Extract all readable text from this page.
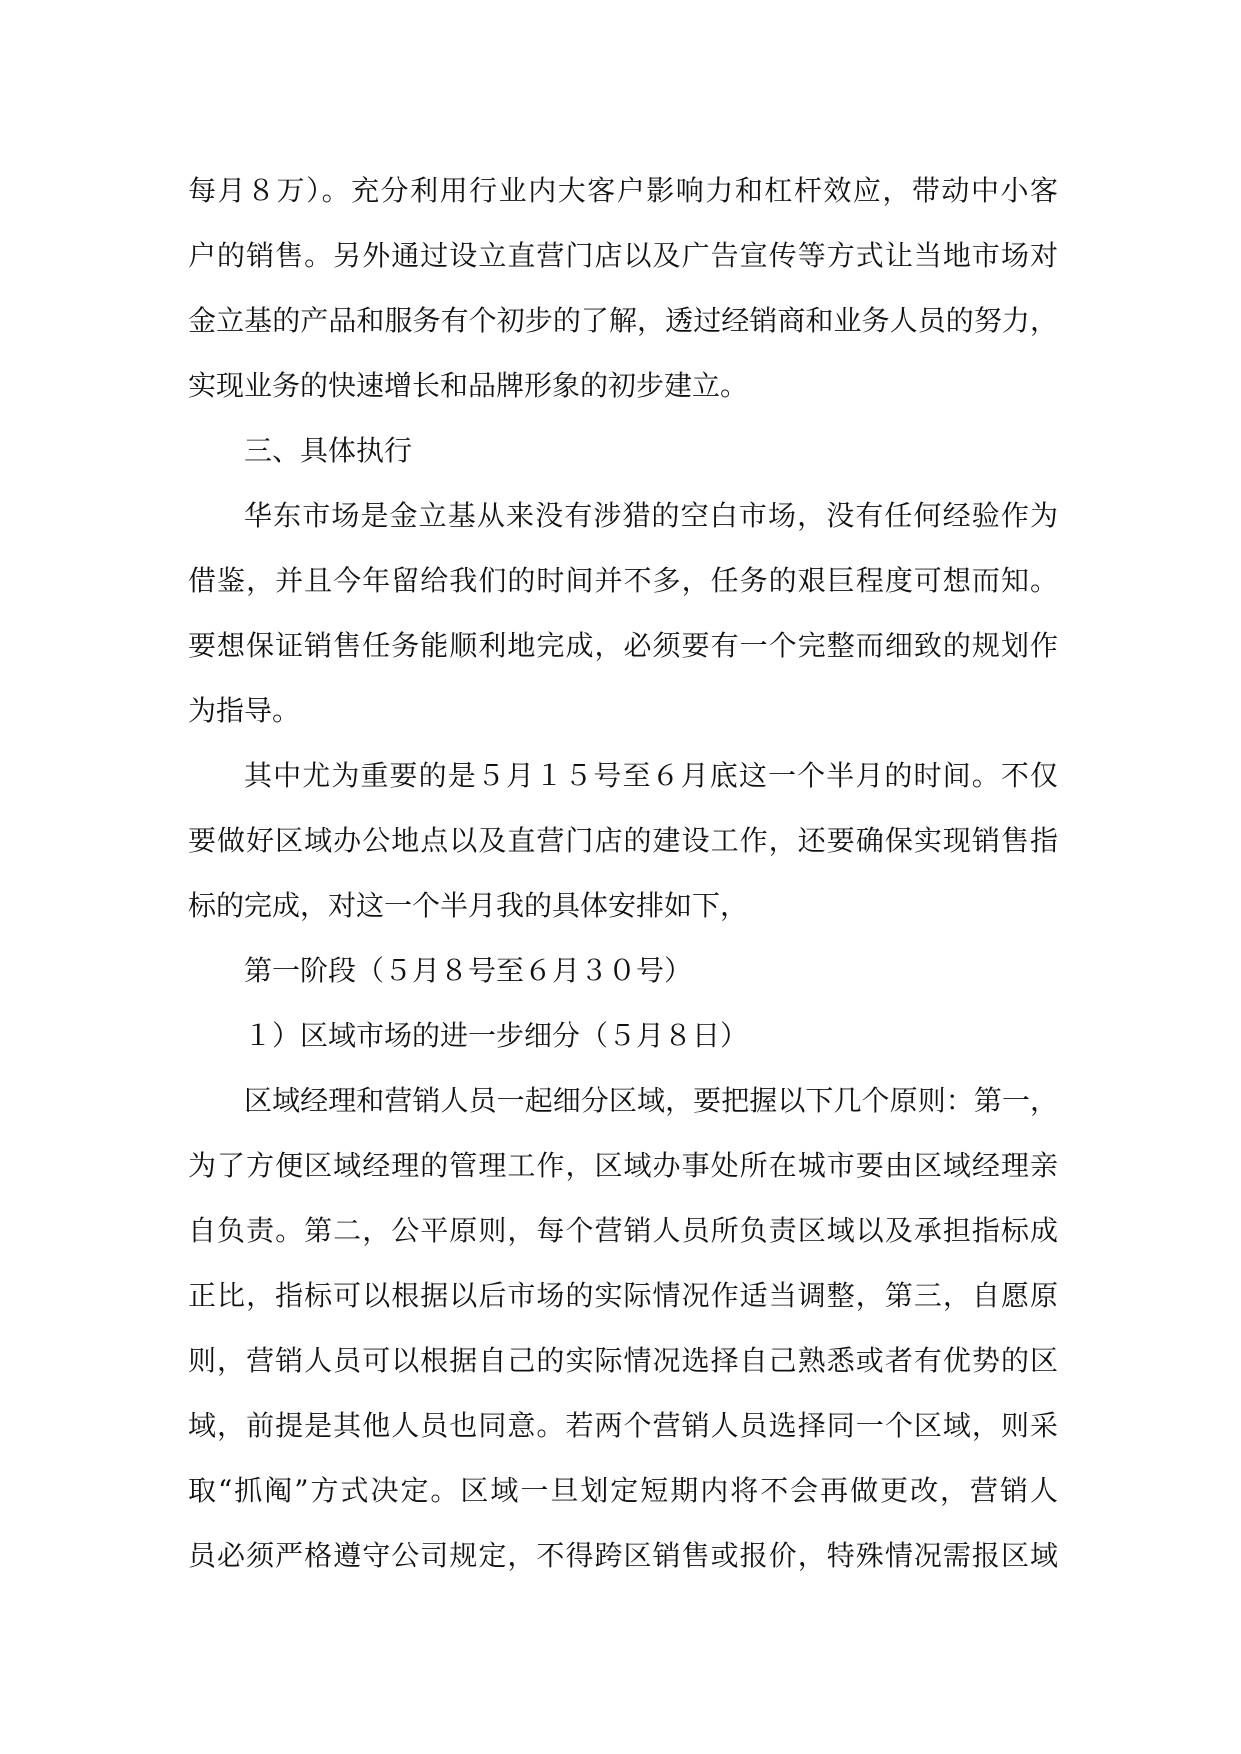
每月８万）。充分利用行业内大客户影响力和杠杆效应，带动中小客
户的销售。另外通过设立直营门店以及广告宣传等方式让当地市场对
金立基的产品和服务有个初步的了解，透过经销商和业务人员的努力，
实现业务的快速增长和品牌形象的初步建立。
三、具体执行
华东市场是金立基从来没有涉猎的空白市场，没有任何经验作为
借鉴，并且今年留给我们的时间并不多，任务的艰巨程度可想而知。
要想保证销售任务能顺利地完成，必须要有一个完整而细致的规划作
为指导。
其中尤为重要的是５月１５号至６月底这一个半月的时间。不仅
要做好区域办公地点以及直营门店的建设工作，还要确保实现销售指
标的完成，对这一个半月我的具体安排如下，
第一阶段（５月８号至６月３０号）
１）区域市场的进一步细分（５月８日）
区域经理和营销人员一起细分区域，要把握以下几个原则：第一，
为了方便区域经理的管理工作，区域办事处所在城市要由区域经理亲
自负责。第二，公平原则，每个营销人员所负责区域以及承担指标成
正比，指标可以根据以后市场的实际情况作适当调整，第三，自愿原
则，营销人员可以根据自己的实际情况选择自己熟悉或者有优势的区
域，前提是其他人员也同意。若两个营销人员选择同一个区域，则采
取“抓阄”方式决定。区域一旦划定短期内将不会再做更改，营销人
员必须严格遵守公司规定，不得跨区销售或报价，特殊情况需报区域
